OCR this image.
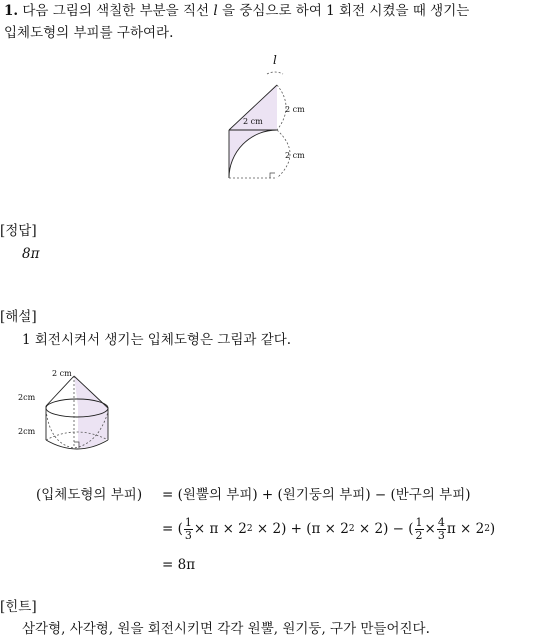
1. 다음 그림의 색칠한 부분을 직선 l 을 중심으로 하여 1 회전 시켰을 때 생기는
입체도형의 부피를 구하여라.
l
2 cm
2 cm
2 cm
[정답]
8π
[해설]
1 회전시켜서 생기는 입체도형은 그림과 같다.
2 cm
2cm
2cm
(입체도형의 부피) = (원뿔의 부피) + (원기둥의 부피) − (반구의 부피)
= ( $\frac{1}{3} \times \pi \times 2$ 2
× 2) + (π × 2 2
× 2) − ( $\frac{1}{2} \times \frac{4}{3}$ π × 2 2 )
= 8π
[힌트]
삼각형, 사각형, 원을 회전시키면 각각 원뿔, 원기둥, 구가 만들어진다.
